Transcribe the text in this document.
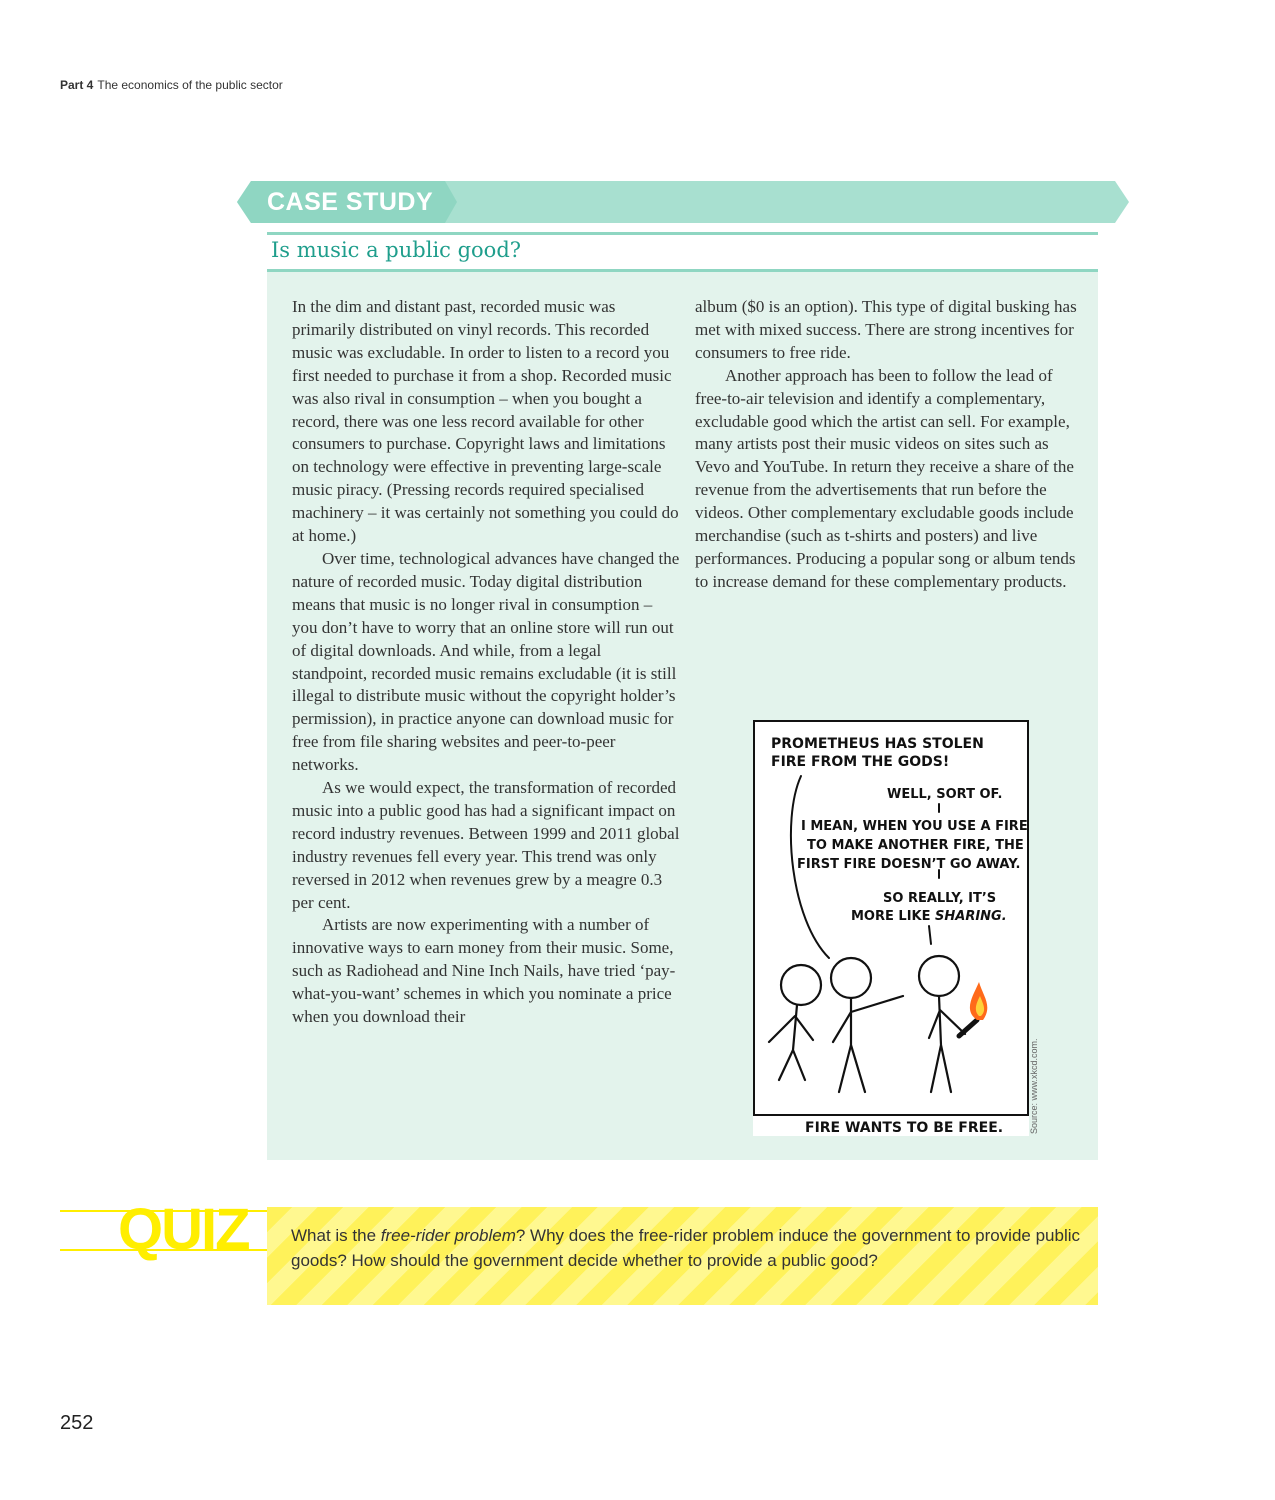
Part 4 The economics of the public sector
CASE STUDY
Is music a public good?

In the dim and distant past, recorded music was primarily distributed on vinyl records. This recorded music was excludable. In order to listen to a record you first needed to purchase it from a shop. Recorded music was also rival in consumption – when you bought a record, there was one less record available for other consumers to purchase. Copyright laws and limitations on technology were effective in preventing large-scale music piracy. (Pressing records required specialised machinery – it was certainly not something you could do at home.)

Over time, technological advances have changed the nature of recorded music. Today digital distribution means that music is no longer rival in consumption – you don’t have to worry that an online store will run out of digital downloads. And while, from a legal standpoint, recorded music remains excludable (it is still illegal to distribute music without the copyright holder’s permission), in practice anyone can download music for free from file sharing websites and peer-to-peer networks.

As we would expect, the transformation of recorded music into a public good has had a significant impact on record industry revenues. Between 1999 and 2011 global industry revenues fell every year. This trend was only reversed in 2012 when revenues grew by a meagre 0.3 per cent.

Artists are now experimenting with a number of innovative ways to earn money from their music. Some, such as Radiohead and Nine Inch Nails, have tried ‘pay-what-you-want’ schemes in which you nominate a price when you download their

album ($0 is an option). This type of digital busking has met with mixed success. There are strong incentives for consumers to free ride.

Another approach has been to follow the lead of free-to-air television and identify a complementary, excludable good which the artist can sell. For example, many artists post their music videos on sites such as Vevo and YouTube. In return they receive a share of the revenue from the advertisements that run before the videos. Other complementary excludable goods include merchandise (such as t-shirts and posters) and live performances. Producing a popular song or album tends to increase demand for these complementary products.

PROMETHEUS HAS STOLEN
FIRE FROM THE GODS!
WELL, SORT OF.
I MEAN, WHEN YOU USE A FIRE
TO MAKE ANOTHER FIRE, THE
FIRST FIRE DOESN’T GO AWAY.
SO REALLY, IT’S
MORE LIKE SHARING.
FIRE WANTS TO BE FREE.	Source: www.xkcd.com.
QUIZ What is the free-rider problem? Why does the free-rider problem induce the government to provide public goods? How should the government decide whether to provide a public good?
252
